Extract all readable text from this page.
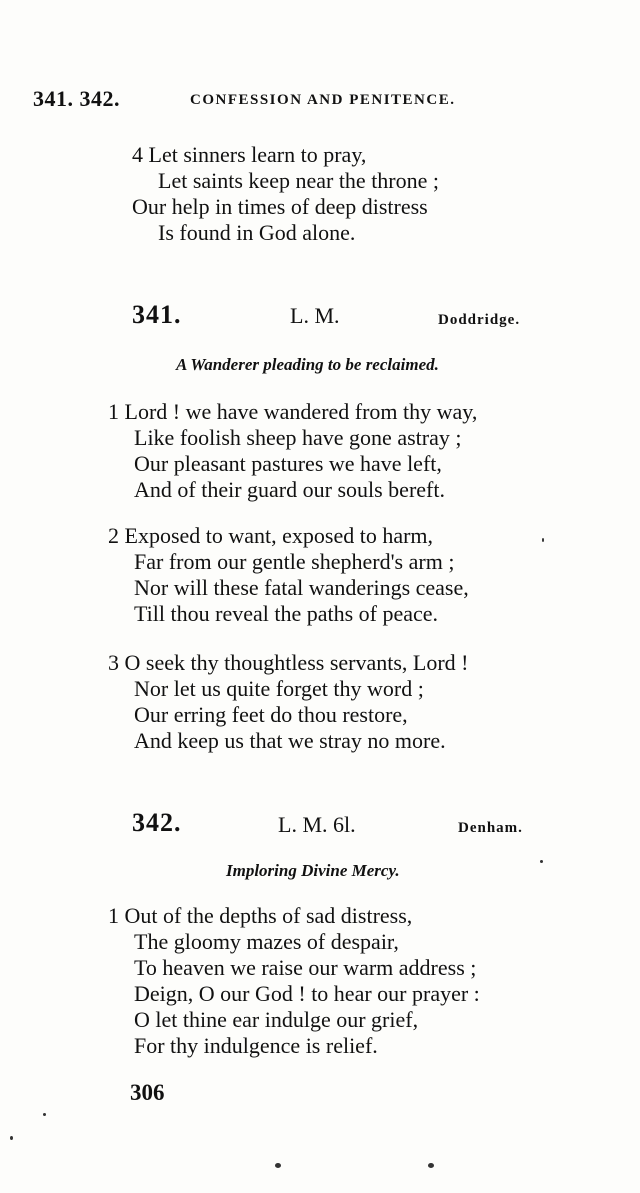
341. 342.	CONFESSION AND PENITENCE.
4 Let sinners learn to pray,
Let saints keep near the throne ;
Our help in times of deep distress
Is found in God alone.
341.	L. M.	Doddridge.
A Wanderer pleading to be reclaimed.
1 Lord ! we have wandered from thy way,
Like foolish sheep have gone astray ;
Our pleasant pastures we have left,
And of their guard our souls bereft.
2 Exposed to want, exposed to harm,
Far from our gentle shepherd's arm ;
Nor will these fatal wanderings cease,
Till thou reveal the paths of peace.
3 O seek thy thoughtless servants, Lord !
Nor let us quite forget thy word ;
Our erring feet do thou restore,
And keep us that we stray no more.
342.	L. M. 6l.	Denham.
Imploring Divine Mercy.
1 Out of the depths of sad distress,
The gloomy mazes of despair,
To heaven we raise our warm address ;
Deign, O our God ! to hear our prayer :
O let thine ear indulge our grief,
For thy indulgence is relief.
306
